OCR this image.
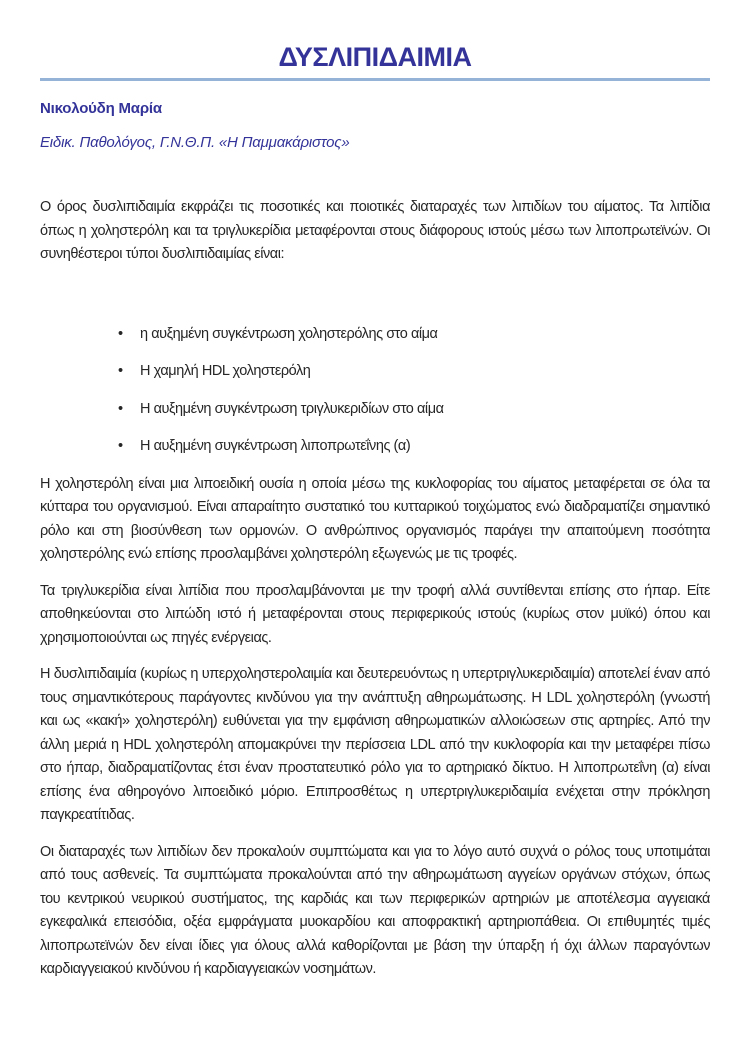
ΔΥΣΛΙΠΙΔΑΙΜΙΑ

Νικολούδη Μαρία

Ειδικ. Παθολόγος, Γ.Ν.Θ.Π. «Η Παμμακάριστος»

Ο όρος δυσλιπιδαιμία εκφράζει τις ποσοτικές και ποιοτικές διαταραχές των λιπιδίων του αίματος. Τα λιπίδια όπως η χοληστερόλη και τα τριγλυκερίδια μεταφέρονται στους διάφορους ιστούς μέσω των λιποπρωτεϊνών. Οι συνηθέστεροι τύποι δυσλιπιδαιμίας είναι:

• η αυξημένη συγκέντρωση χοληστερόλης στο αίμα
• Η χαμηλή HDL χοληστερόλη
• Η αυξημένη συγκέντρωση τριγλυκεριδίων στο αίμα
• Η αυξημένη συγκέντρωση λιποπρωτεΐνης (α)

Η χοληστερόλη είναι μια λιποειδική ουσία η οποία μέσω της κυκλοφορίας του αίματος μεταφέρεται σε όλα τα κύτταρα του οργανισμού. Είναι απαραίτητο συστατικό του κυτταρικού τοιχώματος ενώ διαδραματίζει σημαντικό ρόλο και στη βιοσύνθεση των ορμονών. Ο ανθρώπινος οργανισμός παράγει την απαιτούμενη ποσότητα χοληστερόλης ενώ επίσης προσλαμβάνει χοληστερόλη εξωγενώς με τις τροφές.

Τα τριγλυκερίδια είναι λιπίδια που προσλαμβάνονται με την τροφή αλλά συντίθενται επίσης στο ήπαρ. Είτε αποθηκεύονται στο λιπώδη ιστό ή μεταφέρονται στους περιφερικούς ιστούς (κυρίως στον μυϊκό) όπου και χρησιμοποιούνται ως πηγές ενέργειας.

Η δυσλιπιδαιμία (κυρίως η υπερχοληστερολαιμία και δευτερευόντως η υπερτριγλυκεριδαιμία) αποτελεί έναν από τους σημαντικότερους παράγοντες κινδύνου για την ανάπτυξη αθηρωμάτωσης. Η LDL χοληστερόλη (γνωστή και ως «κακή» χοληστερόλη) ευθύνεται για την εμφάνιση αθηρωματικών αλλοιώσεων στις αρτηρίες. Από την άλλη μεριά η HDL χοληστερόλη απομακρύνει την περίσσεια LDL από την κυκλοφορία και την μεταφέρει πίσω στο ήπαρ, διαδραματίζοντας έτσι έναν προστατευτικό ρόλο για το αρτηριακό δίκτυο. Η λιποπρωτεΐνη (α) είναι επίσης ένα αθηρογόνο λιποειδικό μόριο. Επιπροσθέτως η υπερτριγλυκεριδαιμία ενέχεται στην πρόκληση παγκρεατίτιδας.

Οι διαταραχές των λιπιδίων δεν προκαλούν συμπτώματα και για το λόγο αυτό συχνά ο ρόλος τους υποτιμάται από τους ασθενείς. Τα συμπτώματα προκαλούνται από την αθηρωμάτωση αγγείων οργάνων στόχων, όπως του κεντρικού νευρικού συστήματος, της καρδιάς και των περιφερικών αρτηριών με αποτέλεσμα αγγειακά εγκεφαλικά επεισόδια, οξέα εμφράγματα μυοκαρδίου και αποφρακτική αρτηριοπάθεια. Οι επιθυμητές τιμές λιποπρωτεϊνών δεν είναι ίδιες για όλους αλλά καθορίζονται με βάση την ύπαρξη ή όχι άλλων παραγόντων καρδιαγγειακού κινδύνου ή καρδιαγγειακών νοσημάτων.
